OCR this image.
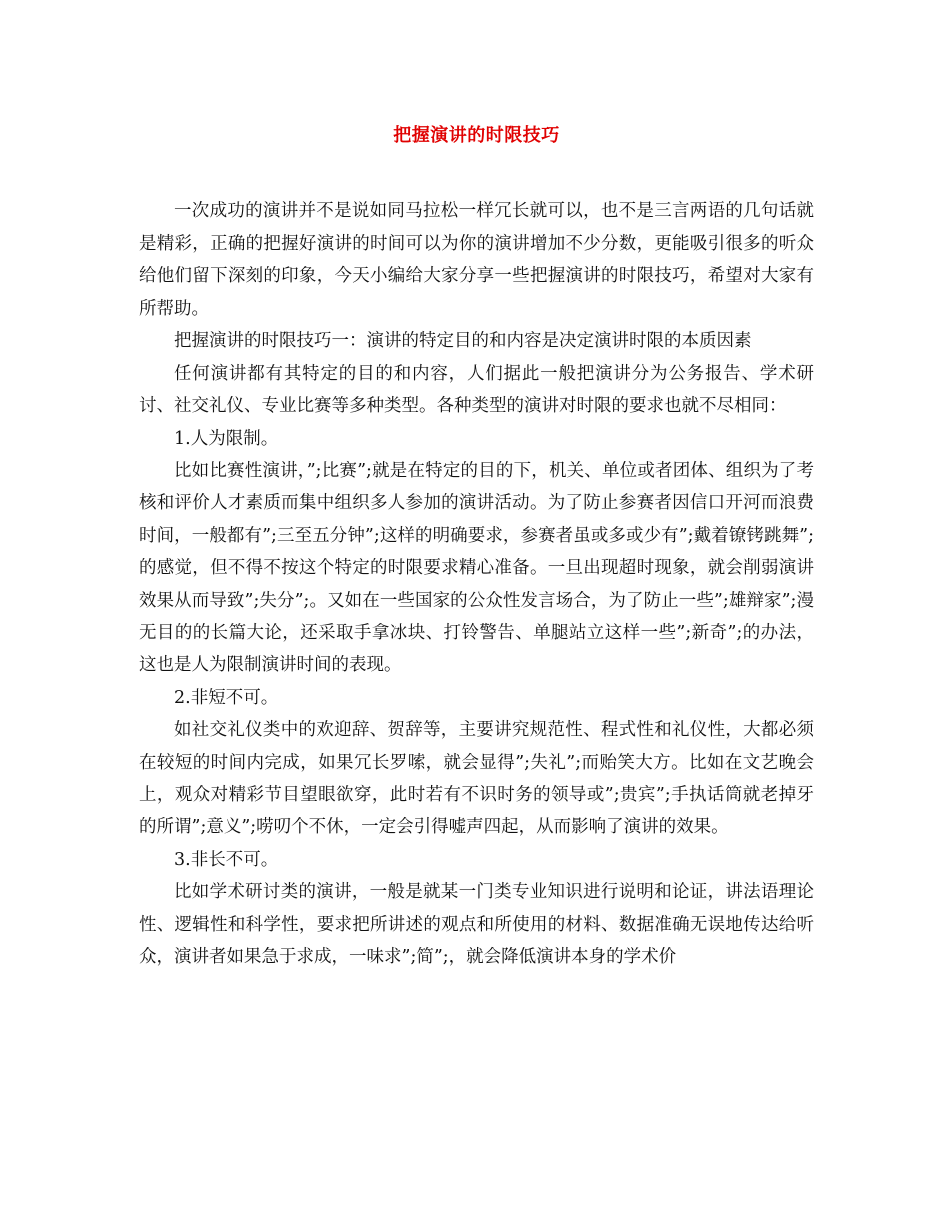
把握演讲的时限技巧

一次成功的演讲并不是说如同马拉松一样冗长就可以，也不是三言两语的几句话就是精彩，正确的把握好演讲的时间可以为你的演讲增加不少分数，更能吸引很多的听众给他们留下深刻的印象，今天小编给大家分享一些把握演讲的时限技巧，希望对大家有所帮助。

把握演讲的时限技巧一：演讲的特定目的和内容是决定演讲时限的本质因素

任何演讲都有其特定的目的和内容，人们据此一般把演讲分为公务报告、学术研讨、社交礼仪、专业比赛等多种类型。各种类型的演讲对时限的要求也就不尽相同：

1.人为限制。

比如比赛性演讲，”;比赛”;就是在特定的目的下，机关、单位或者团体、组织为了考核和评价人才素质而集中组织多人参加的演讲活动。为了防止参赛者因信口开河而浪费时间，一般都有”;三至五分钟”;这样的明确要求，参赛者虽或多或少有”;戴着镣铐跳舞”;的感觉，但不得不按这个特定的时限要求精心准备。一旦出现超时现象，就会削弱演讲效果从而导致”;失分”;。又如在一些国家的公众性发言场合，为了防止一些”;雄辩家”;漫无目的的长篇大论，还采取手拿冰块、打铃警告、单腿站立这样一些”;新奇”;的办法，这也是人为限制演讲时间的表现。

2.非短不可。

如社交礼仪类中的欢迎辞、贺辞等，主要讲究规范性、程式性和礼仪性，大都必须在较短的时间内完成，如果冗长罗嗦，就会显得”;失礼”;而贻笑大方。比如在文艺晚会上，观众对精彩节目望眼欲穿，此时若有不识时务的领导或”;贵宾”;手执话筒就老掉牙的所谓”;意义”;唠叨个不休，一定会引得嘘声四起，从而影响了演讲的效果。

3.非长不可。

比如学术研讨类的演讲，一般是就某一门类专业知识进行说明和论证，讲法语理论性、逻辑性和科学性，要求把所讲述的观点和所使用的材料、数据准确无误地传达给听众，演讲者如果急于求成，一味求”;简”;，就会降低演讲本身的学术价
